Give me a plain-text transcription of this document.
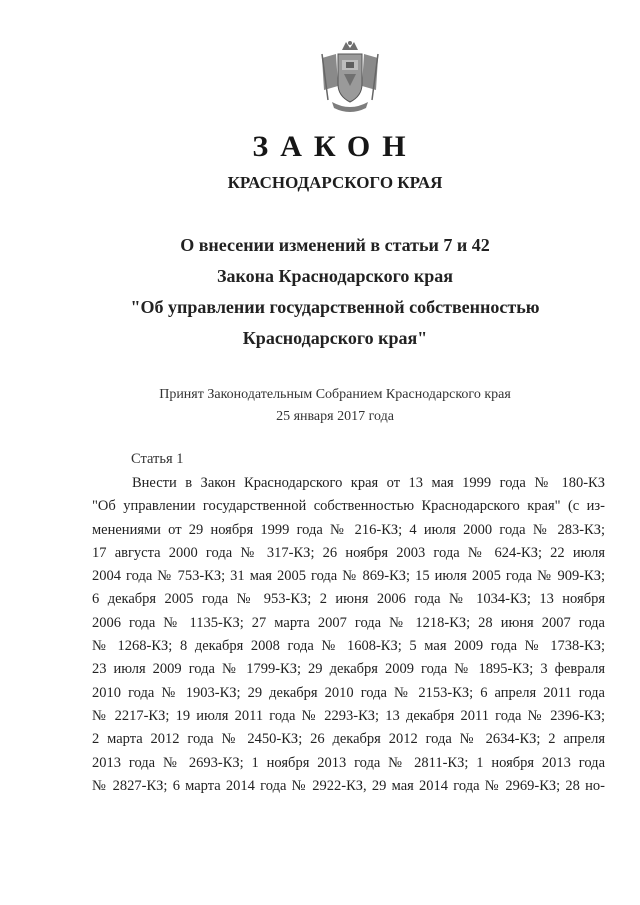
ЗАКОН
КРАСНОДАРСКОГО КРАЯ
О внесении изменений в статьи 7 и 42
Закона Краснодарского края
"Об управлении государственной собственностью
Краснодарского края"
Принят Законодательным Собранием Краснодарского края
25 января 2017 года
Статья 1
Внести в Закон Краснодарского края от 13 мая 1999 года № 180-КЗ
"Об управлении государственной собственностью Краснодарского края" (с из-
менениями от 29 ноября 1999 года № 216-КЗ; 4 июля 2000 года № 283-КЗ;
17 августа 2000 года № 317-КЗ; 26 ноября 2003 года № 624-КЗ; 22 июля
2004 года № 753-КЗ; 31 мая 2005 года № 869-КЗ; 15 июля 2005 года № 909-КЗ;
6 декабря 2005 года № 953-КЗ; 2 июня 2006 года № 1034-КЗ; 13 ноября
2006 года № 1135-КЗ; 27 марта 2007 года № 1218-КЗ; 28 июня 2007 года
№ 1268-КЗ; 8 декабря 2008 года № 1608-КЗ; 5 мая 2009 года № 1738-КЗ;
23 июля 2009 года № 1799-КЗ; 29 декабря 2009 года № 1895-КЗ; 3 февраля
2010 года № 1903-КЗ; 29 декабря 2010 года № 2153-КЗ; 6 апреля 2011 года
№ 2217-КЗ; 19 июля 2011 года № 2293-КЗ; 13 декабря 2011 года № 2396-КЗ;
2 марта 2012 года № 2450-КЗ; 26 декабря 2012 года № 2634-КЗ; 2 апреля
2013 года № 2693-КЗ; 1 ноября 2013 года № 2811-КЗ; 1 ноября 2013 года
№ 2827-КЗ; 6 марта 2014 года № 2922-КЗ, 29 мая 2014 года № 2969-КЗ; 28 но-
